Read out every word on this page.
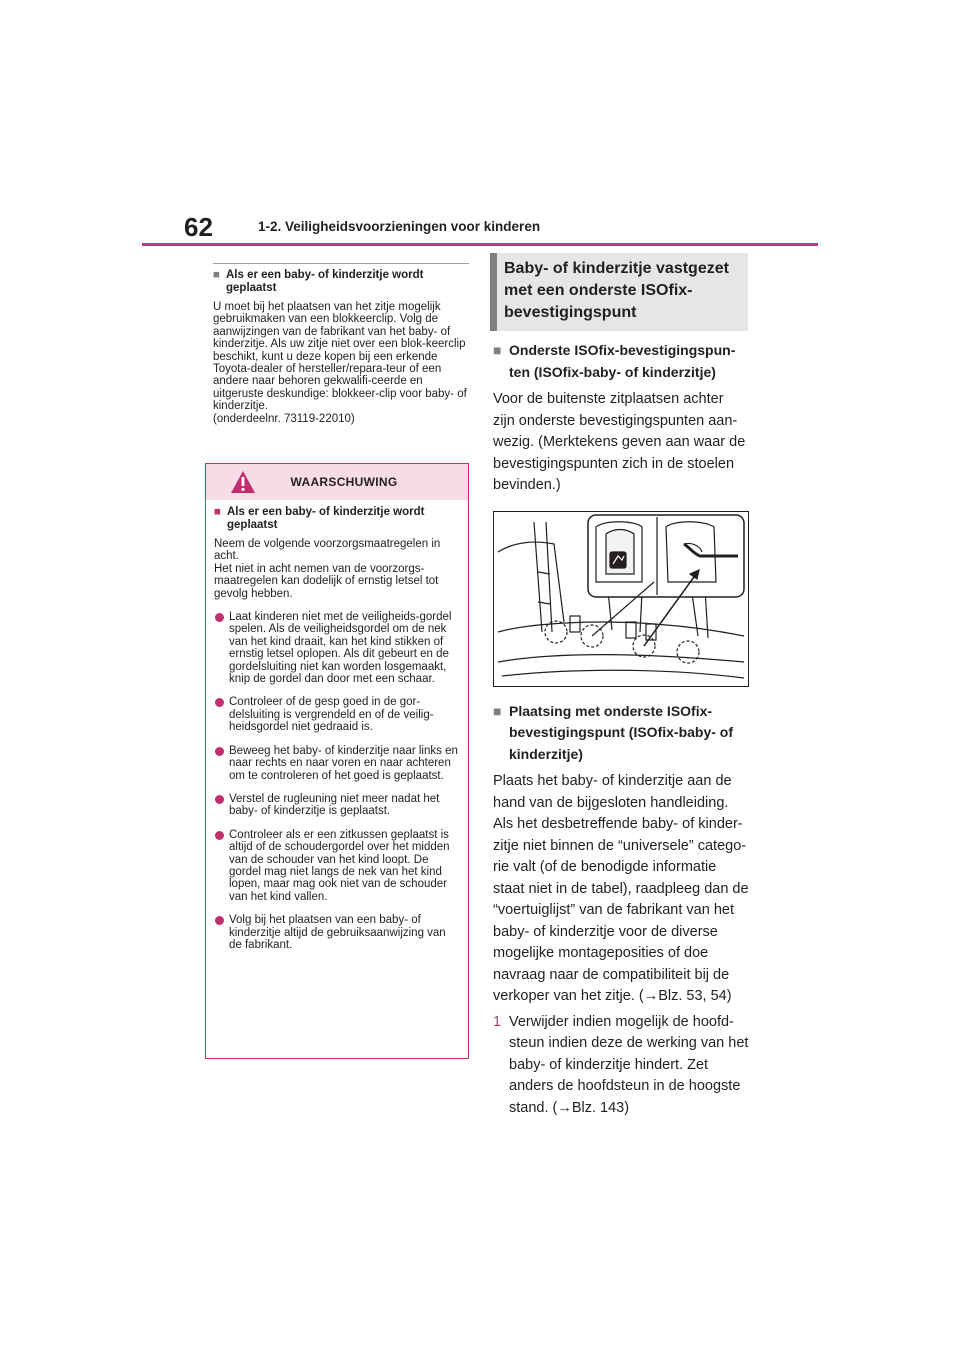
62	1-2. Veiligheidsvoorzieningen voor kinderen
■ Als er een baby- of kinderzitje wordt geplaatst

U moet bij het plaatsen van het zitje mogelijk gebruikmaken van een blokkeerclip. Volg de aanwijzingen van de fabrikant van het baby- of kinderzitje. Als uw zitje niet over een blok-keerclip beschikt, kunt u deze kopen bij een erkende Toyota-dealer of hersteller/repara-teur of een andere naar behoren gekwalifi-ceerde en uitgeruste deskundige: blokkeer-clip voor baby- of kinderzitje.

(onderdeelnr. 73119-22010)

WAARSCHUWING
■ Als er een baby- of kinderzitje wordt geplaatst

Neem de volgende voorzorgsmaatregelen in acht.

Het niet in acht nemen van de voorzorgs-maatregelen kan dodelijk of ernstig letsel tot gevolg hebben.

Laat kinderen niet met de veiligheids-gordel spelen. Als de veiligheidsgordel om de nek van het kind draait, kan het kind stikken of ernstig letsel oplopen. Als dit gebeurt en de gordelsluiting niet kan worden losgemaakt, knip de gordel dan door met een schaar.
Controleer of de gesp goed in de gor-delsluiting is vergrendeld en of de veilig-heidsgordel niet gedraaid is.
Beweeg het baby- of kinderzitje naar links en naar rechts en naar voren en naar achteren om te controleren of het goed is geplaatst.
Verstel de rugleuning niet meer nadat het baby- of kinderzitje is geplaatst.
Controleer als er een zitkussen geplaatst is altijd of de schoudergordel over het midden van de schouder van het kind loopt. De gordel mag niet langs de nek van het kind lopen, maar mag ook niet van de schouder van het kind vallen.
Volg bij het plaatsen van een baby- of kinderzitje altijd de gebruiksaanwijzing van de fabrikant.
Baby- of kinderzitje vastgezet met een onderste ISOfix-bevestigingspunt
■ Onderste ISOfix-bevestigingspun-ten (ISOfix-baby- of kinderzitje)

Voor de buitenste zitplaatsen achter zijn onderste bevestigingspunten aan-wezig. (Merktekens geven aan waar de bevestigingspunten zich in de stoelen bevinden.)

■ Plaatsing met onderste ISOfix-bevestigingspunt (ISOfix-baby- of kinderzitje)

Plaats het baby- of kinderzitje aan de hand van de bijgesloten handleiding. Als het desbetreffende baby- of kinder-zitje niet binnen de “universele” catego-rie valt (of de benodigde informatie staat niet in de tabel), raadpleeg dan de “voertuiglijst” van de fabrikant van het baby- of kinderzitje voor de diverse mogelijke montageposities of doe navraag naar de compatibiliteit bij de verkoper van het zitje. (→Blz. 53, 54)

1 Verwijder indien mogelijk de hoofd-steun indien deze de werking van het baby- of kinderzitje hindert. Zet anders de hoofdsteun in de hoogste stand. (→Blz. 143)
